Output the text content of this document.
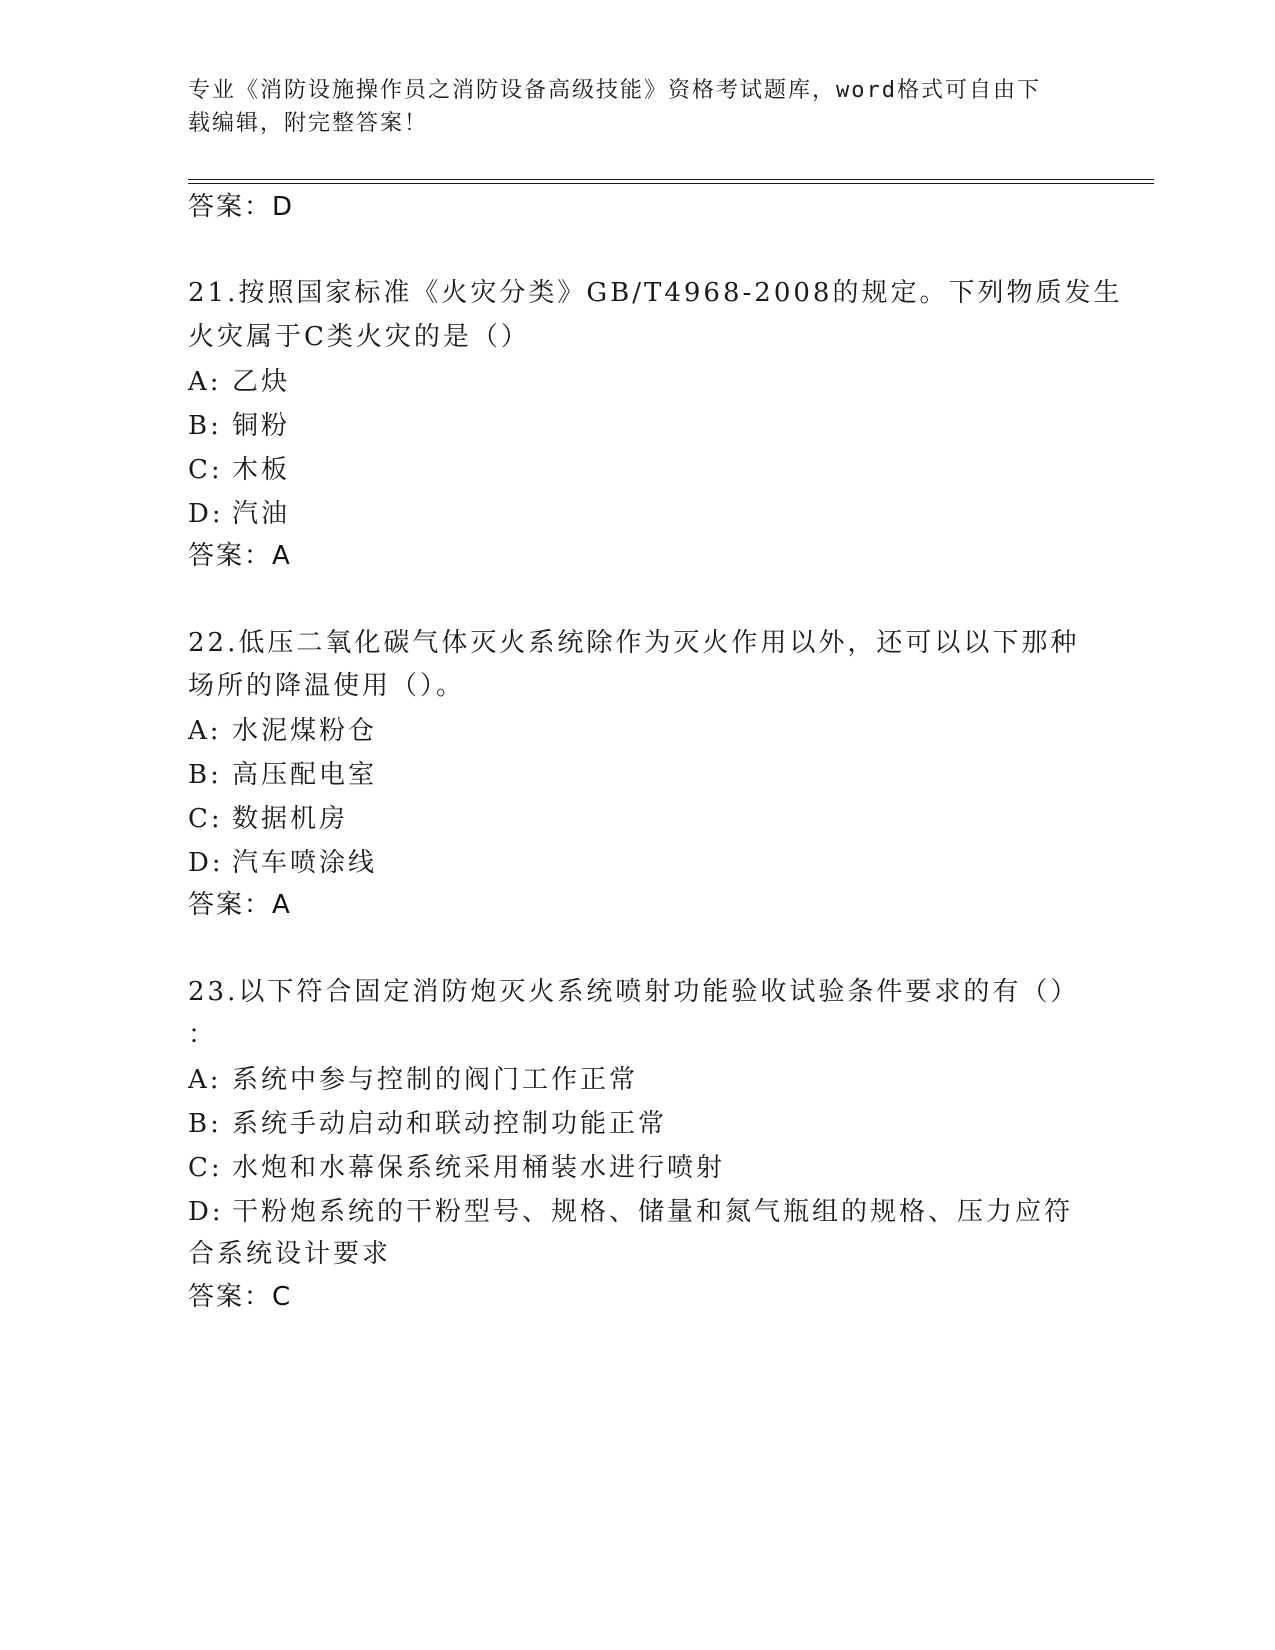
专业《消防设施操作员之消防设备高级技能》资格考试题库，word格式可自由下
载编辑，附完整答案！
答案：D
21.按照国家标准《火灾分类》GB/T4968-2008的规定。下列物质发生
火灾属于C类火灾的是（）
A: 乙炔
B: 铜粉
C: 木板
D: 汽油
答案：A
22.低压二氧化碳气体灭火系统除作为灭火作用以外，还可以以下那种
场所的降温使用（）。
A: 水泥煤粉仓
B: 高压配电室
C: 数据机房
D: 汽车喷涂线
答案：A
23.以下符合固定消防炮灭火系统喷射功能验收试验条件要求的有（）
：
A: 系统中参与控制的阀门工作正常
B: 系统手动启动和联动控制功能正常
C: 水炮和水幕保系统采用桶装水进行喷射
D: 干粉炮系统的干粉型号、规格、储量和氮气瓶组的规格、压力应符
合系统设计要求
答案：C
